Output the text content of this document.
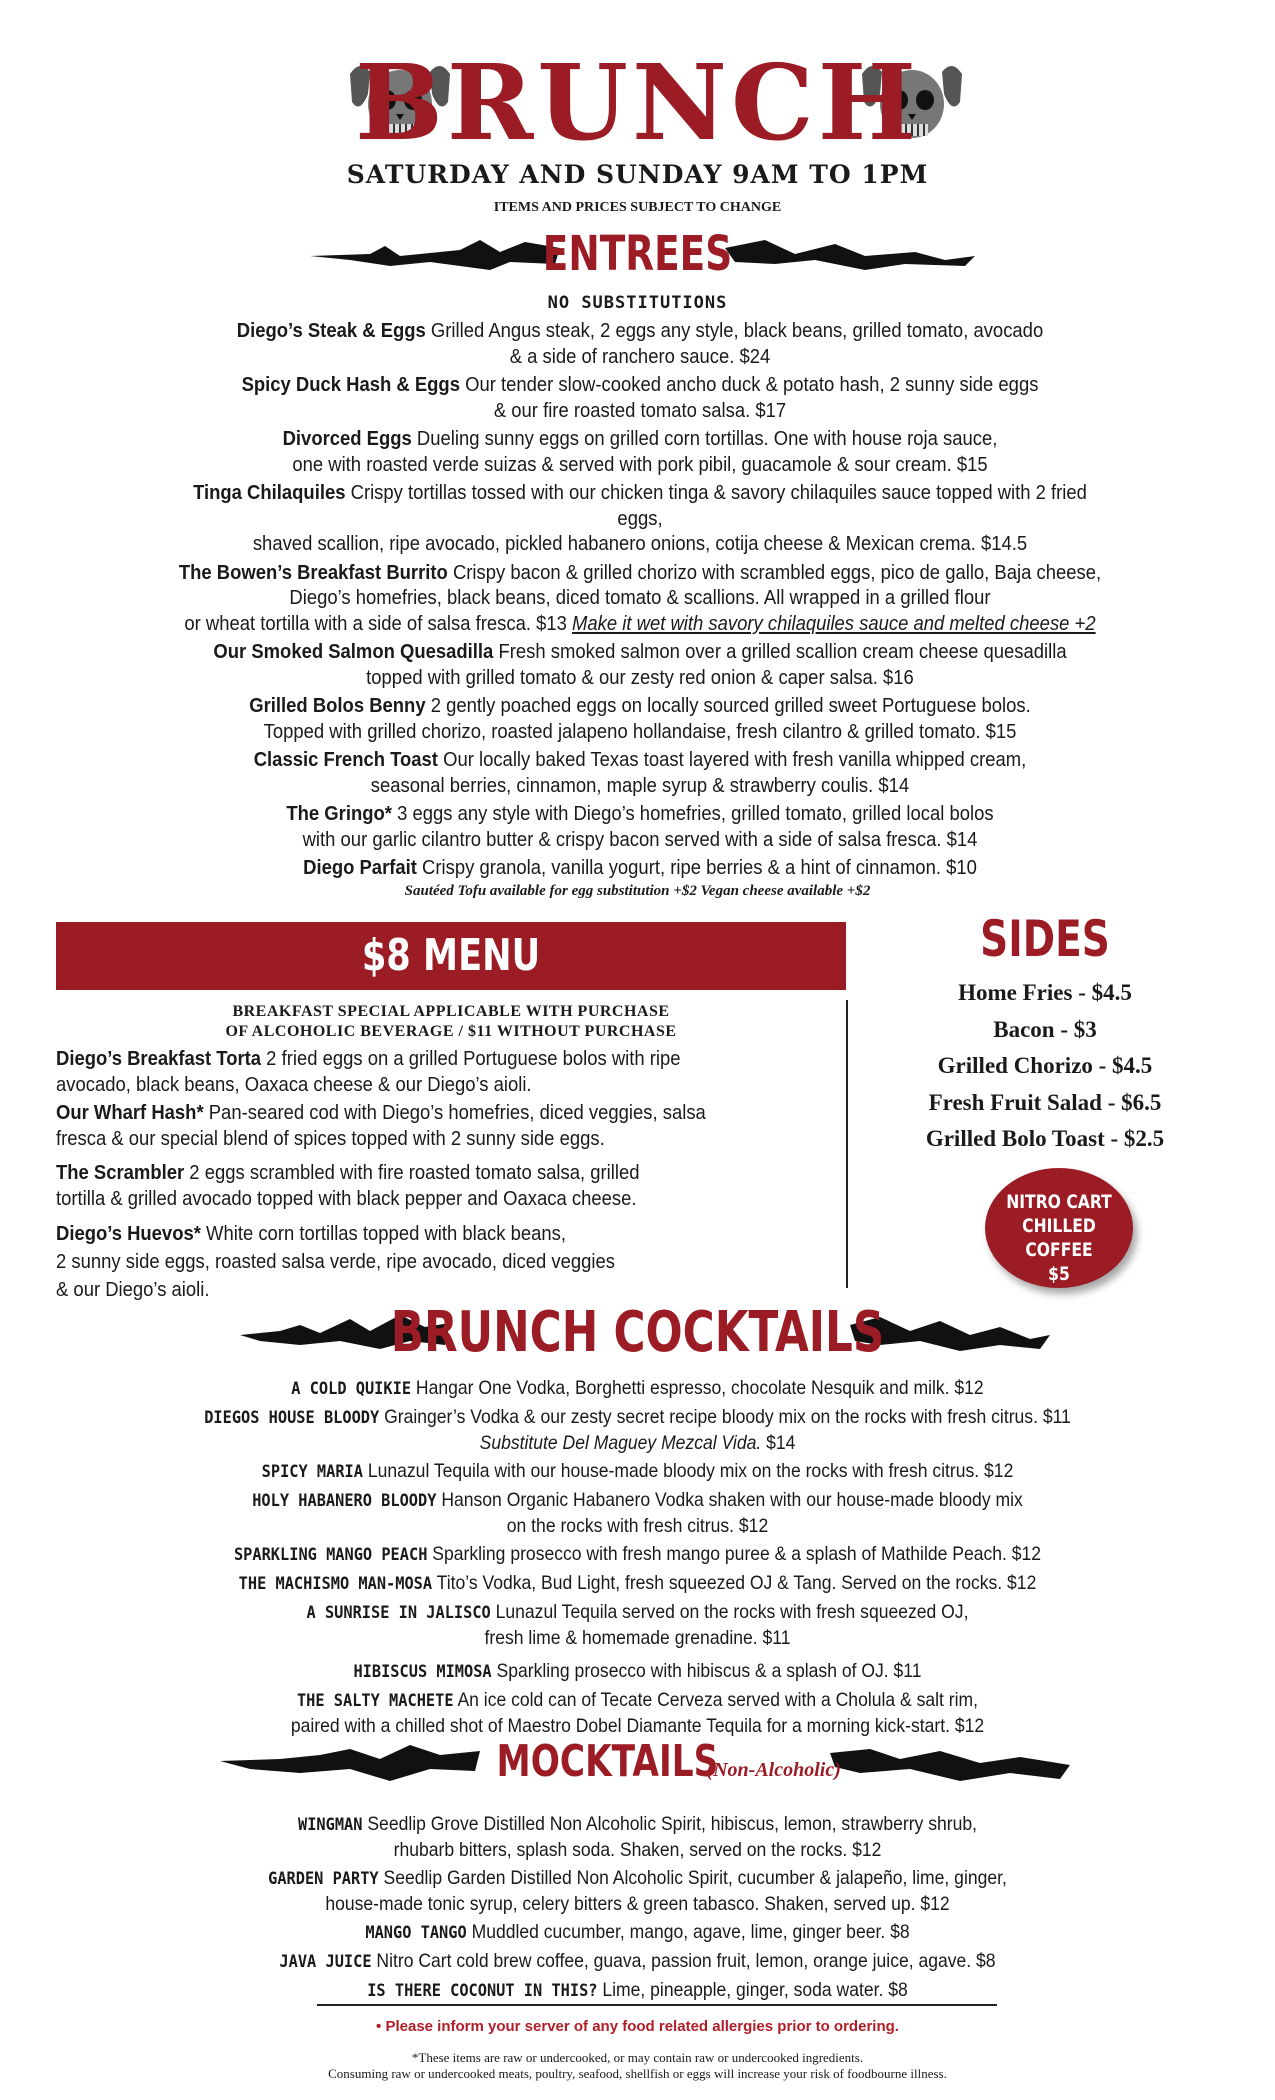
BRUNCH
SATURDAY AND SUNDAY 9AM TO 1PM
ITEMS AND PRICES SUBJECT TO CHANGE
ENTREES
NO SUBSTITUTIONS
Diego’s Steak & Eggs Grilled Angus steak, 2 eggs any style, black beans, grilled tomato, avocado
& a side of ranchero sauce. $24
Spicy Duck Hash & Eggs Our tender slow-cooked ancho duck & potato hash, 2 sunny side eggs
& our fire roasted tomato salsa. $17
Divorced Eggs Dueling sunny eggs on grilled corn tortillas. One with house roja sauce,
one with roasted verde suizas & served with pork pibil, guacamole & sour cream. $15
Tinga Chilaquiles Crispy tortillas tossed with our chicken tinga & savory chilaquiles sauce topped with 2 fried eggs,
shaved scallion, ripe avocado, pickled habanero onions, cotija cheese & Mexican crema. $14.5
The Bowen’s Breakfast Burrito Crispy bacon & grilled chorizo with scrambled eggs, pico de gallo, Baja cheese,
Diego’s homefries, black beans, diced tomato & scallions. All wrapped in a grilled flour
or wheat tortilla with a side of salsa fresca. $13 Make it wet with savory chilaquiles sauce and melted cheese +2
Our Smoked Salmon Quesadilla Fresh smoked salmon over a grilled scallion cream cheese quesadilla
topped with grilled tomato & our zesty red onion & caper salsa. $16
Grilled Bolos Benny 2 gently poached eggs on locally sourced grilled sweet Portuguese bolos.
Topped with grilled chorizo, roasted jalapeno hollandaise, fresh cilantro & grilled tomato. $15
Classic French Toast Our locally baked Texas toast layered with fresh vanilla whipped cream,
seasonal berries, cinnamon, maple syrup & strawberry coulis. $14
The Gringo* 3 eggs any style with Diego’s homefries, grilled tomato, grilled local bolos
with our garlic cilantro butter & crispy bacon served with a side of salsa fresca. $14
Diego Parfait Crispy granola, vanilla yogurt, ripe berries & a hint of cinnamon. $10
Sautéed Tofu available for egg substitution +$2 Vegan cheese available +$2
$8 MENU
BREAKFAST SPECIAL APPLICABLE WITH PURCHASE
OF ALCOHOLIC BEVERAGE / $11 WITHOUT PURCHASE
Diego’s Breakfast Torta 2 fried eggs on a grilled Portuguese bolos with ripe
avocado, black beans, Oaxaca cheese & our Diego’s aioli.
Our Wharf Hash* Pan-seared cod with Diego’s homefries, diced veggies, salsa
fresca & our special blend of spices topped with 2 sunny side eggs.
The Scrambler 2 eggs scrambled with fire roasted tomato salsa, grilled
tortilla & grilled avocado topped with black pepper and Oaxaca cheese.
Diego’s Huevos* White corn tortillas topped with black beans,
2 sunny side eggs, roasted salsa verde, ripe avocado, diced veggies
& our Diego’s aioli.
SIDES
Home Fries - $4.5
Bacon - $3
Grilled Chorizo - $4.5
Fresh Fruit Salad - $6.5
Grilled Bolo Toast - $2.5
NITRO CART
CHILLED COFFEE
$5
BRUNCH COCKTAILS
A COLD QUIKIE Hangar One Vodka, Borghetti espresso, chocolate Nesquik and milk. $12
DIEGOS HOUSE BLOODY Grainger’s Vodka & our zesty secret recipe bloody mix on the rocks with fresh citrus. $11
Substitute Del Maguey Mezcal Vida. $14
SPICY MARIA Lunazul Tequila with our house-made bloody mix on the rocks with fresh citrus. $12
HOLY HABANERO BLOODY Hanson Organic Habanero Vodka shaken with our house-made bloody mix
on the rocks with fresh citrus. $12
SPARKLING MANGO PEACH Sparkling prosecco with fresh mango puree & a splash of Mathilde Peach. $12
THE MACHISMO MAN-MOSA Tito’s Vodka, Bud Light, fresh squeezed OJ & Tang. Served on the rocks. $12
A SUNRISE IN JALISCO Lunazul Tequila served on the rocks with fresh squeezed OJ,
fresh lime & homemade grenadine. $11
HIBISCUS MIMOSA Sparkling prosecco with hibiscus & a splash of OJ. $11
THE SALTY MACHETE An ice cold can of Tecate Cerveza served with a Cholula & salt rim,
paired with a chilled shot of Maestro Dobel Diamante Tequila for a morning kick-start. $12
MOCKTAILS (Non-Alcoholic)
WINGMAN Seedlip Grove Distilled Non Alcoholic Spirit, hibiscus, lemon, strawberry shrub,
rhubarb bitters, splash soda. Shaken, served on the rocks. $12
GARDEN PARTY Seedlip Garden Distilled Non Alcoholic Spirit, cucumber & jalapeño, lime, ginger,
house-made tonic syrup, celery bitters & green tabasco. Shaken, served up. $12
MANGO TANGO Muddled cucumber, mango, agave, lime, ginger beer. $8
JAVA JUICE Nitro Cart cold brew coffee, guava, passion fruit, lemon, orange juice, agave. $8
IS THERE COCONUT IN THIS? Lime, pineapple, ginger, soda water. $8
• Please inform your server of any food related allergies prior to ordering.
*These items are raw or undercooked, or may contain raw or undercooked ingredients.
Consuming raw or undercooked meats, poultry, seafood, shellfish or eggs will increase your risk of foodbourne illness.
